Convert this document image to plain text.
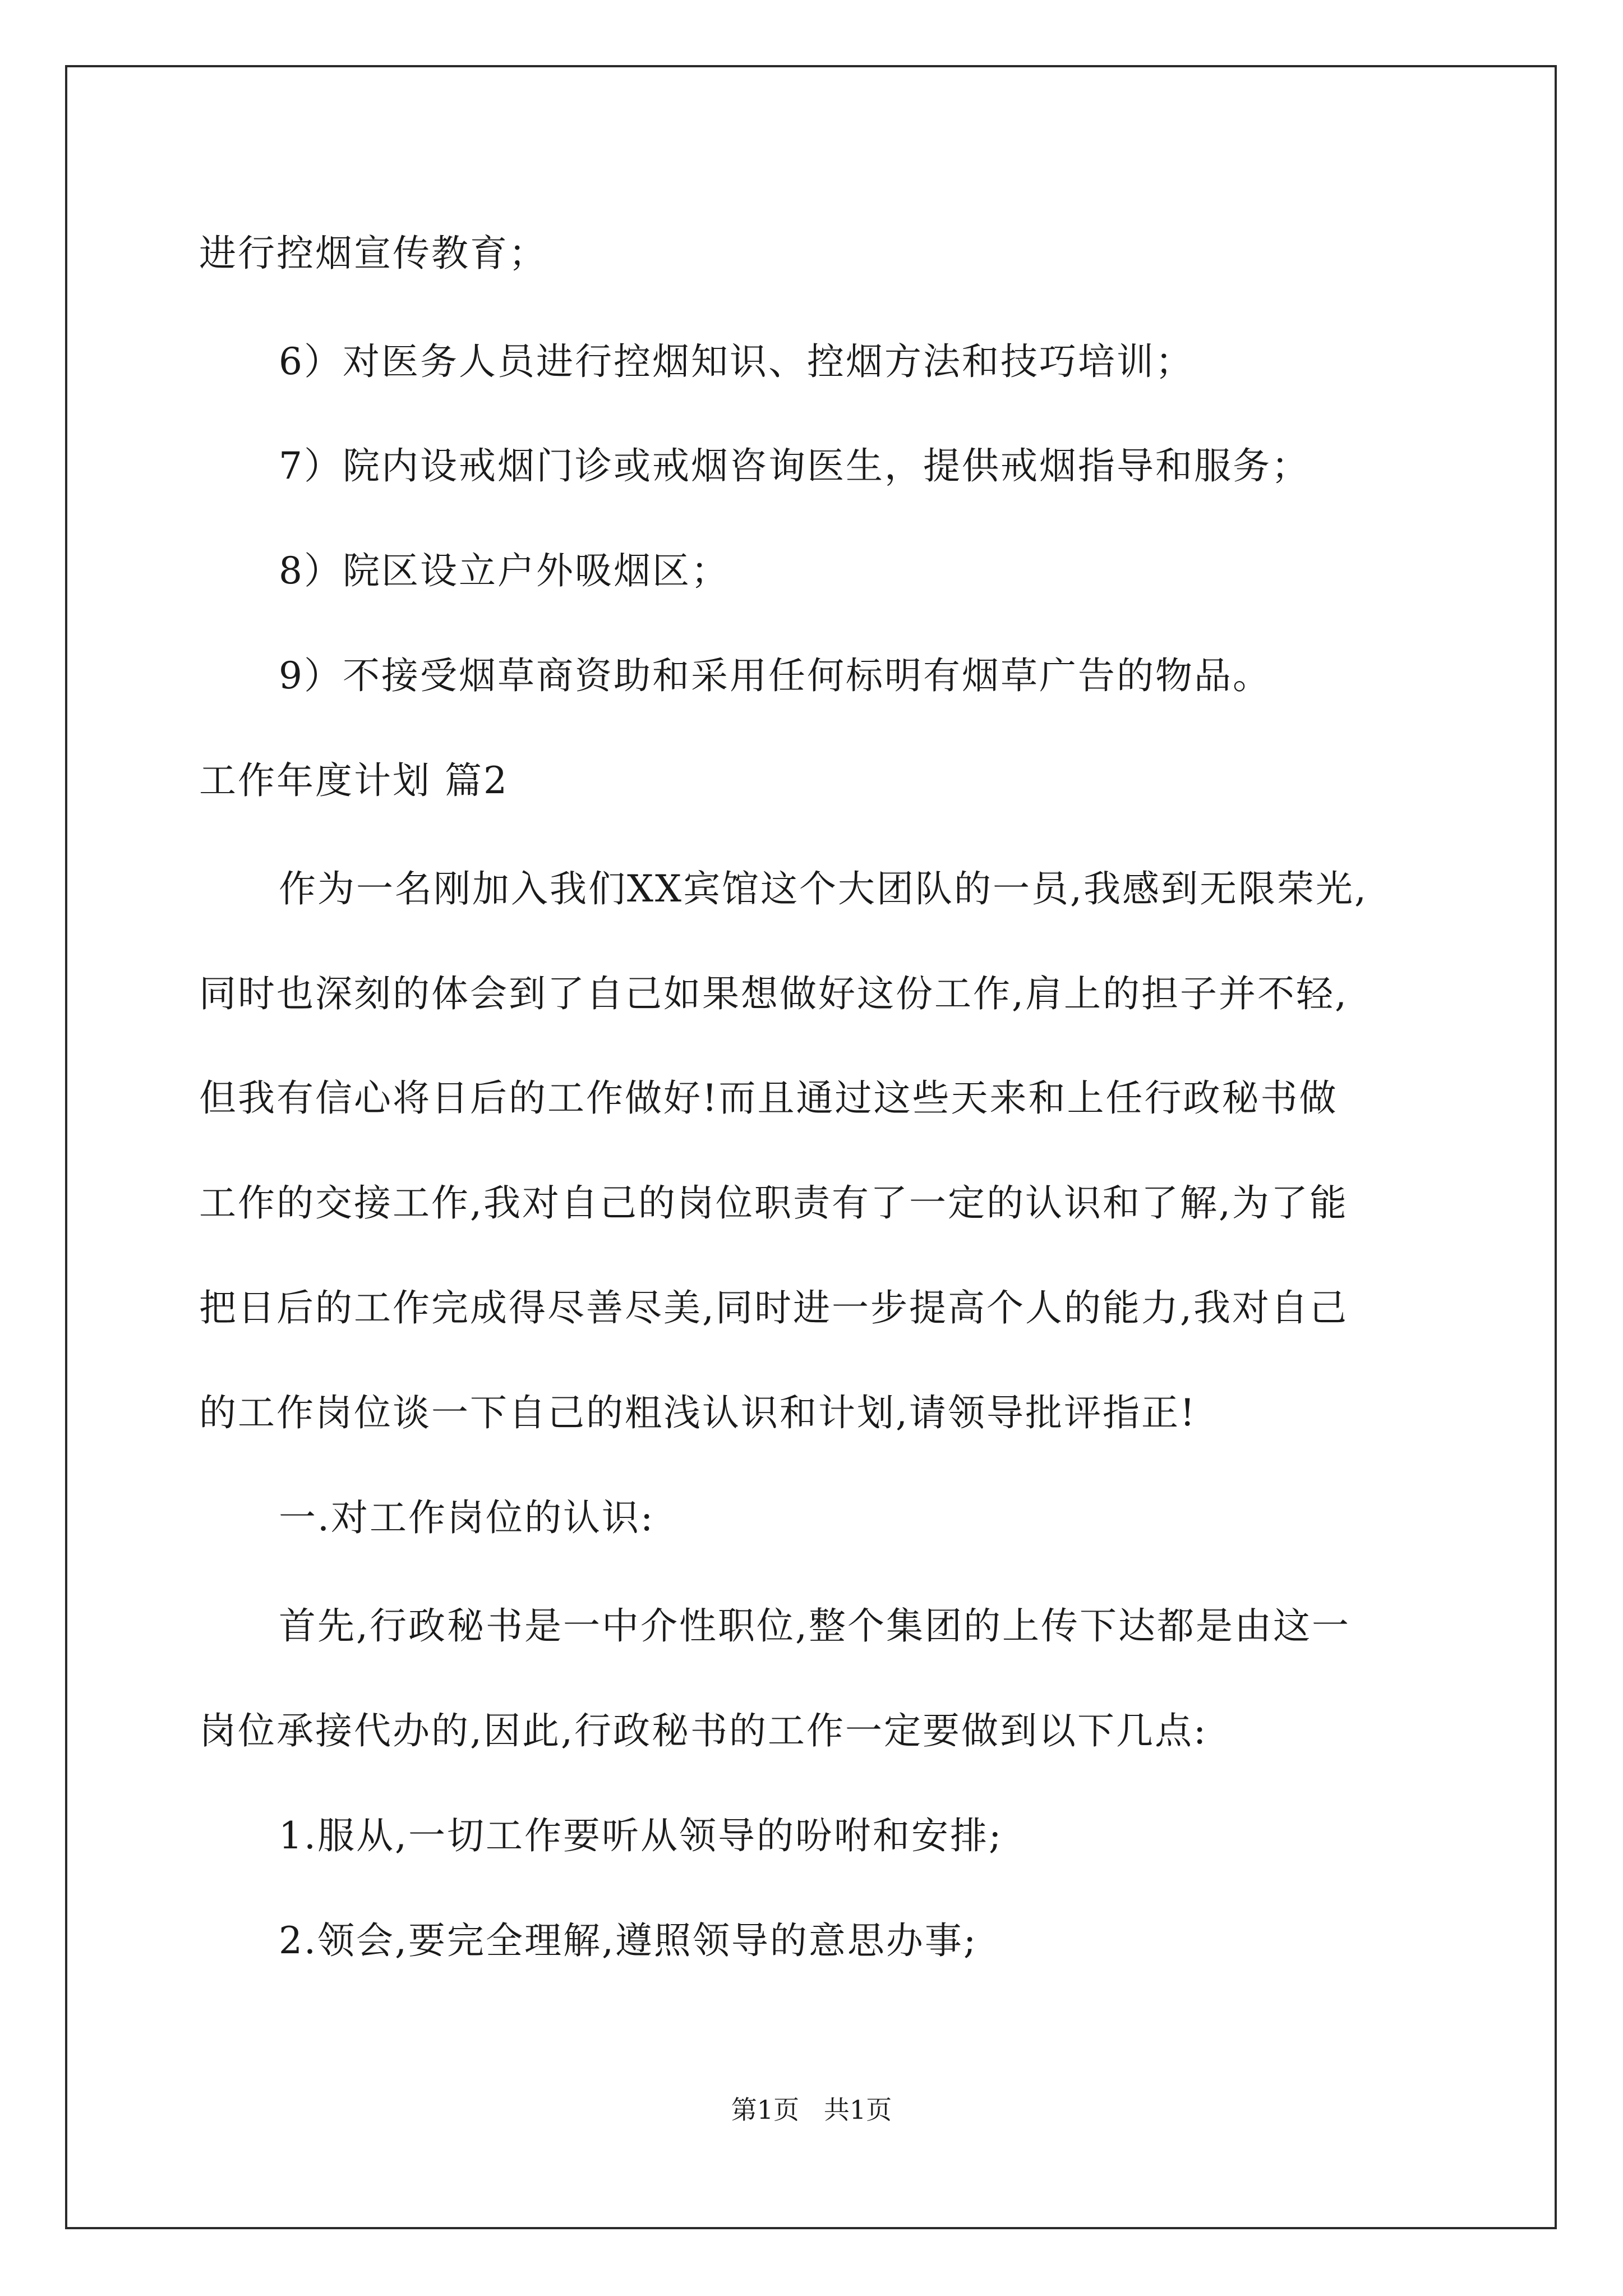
进行控烟宣传教育；
6）对医务人员进行控烟知识、控烟方法和技巧培训；
7）院内设戒烟门诊或戒烟咨询医生，提供戒烟指导和服务；
8）院区设立户外吸烟区；
9）不接受烟草商资助和采用任何标明有烟草广告的物品。
工作年度计划 篇2
作为一名刚加入我们XX宾馆这个大团队的一员,我感到无限荣光,
同时也深刻的体会到了自己如果想做好这份工作,肩上的担子并不轻,
但我有信心将日后的工作做好!而且通过这些天来和上任行政秘书做
工作的交接工作,我对自己的岗位职责有了一定的认识和了解,为了能
把日后的工作完成得尽善尽美,同时进一步提高个人的能力,我对自己
的工作岗位谈一下自己的粗浅认识和计划,请领导批评指正!
一.对工作岗位的认识:
首先,行政秘书是一中介性职位,整个集团的上传下达都是由这一
岗位承接代办的,因此,行政秘书的工作一定要做到以下几点:
1.服从,一切工作要听从领导的吩咐和安排;
2.领会,要完全理解,遵照领导的意思办事;
第1页   共1页
